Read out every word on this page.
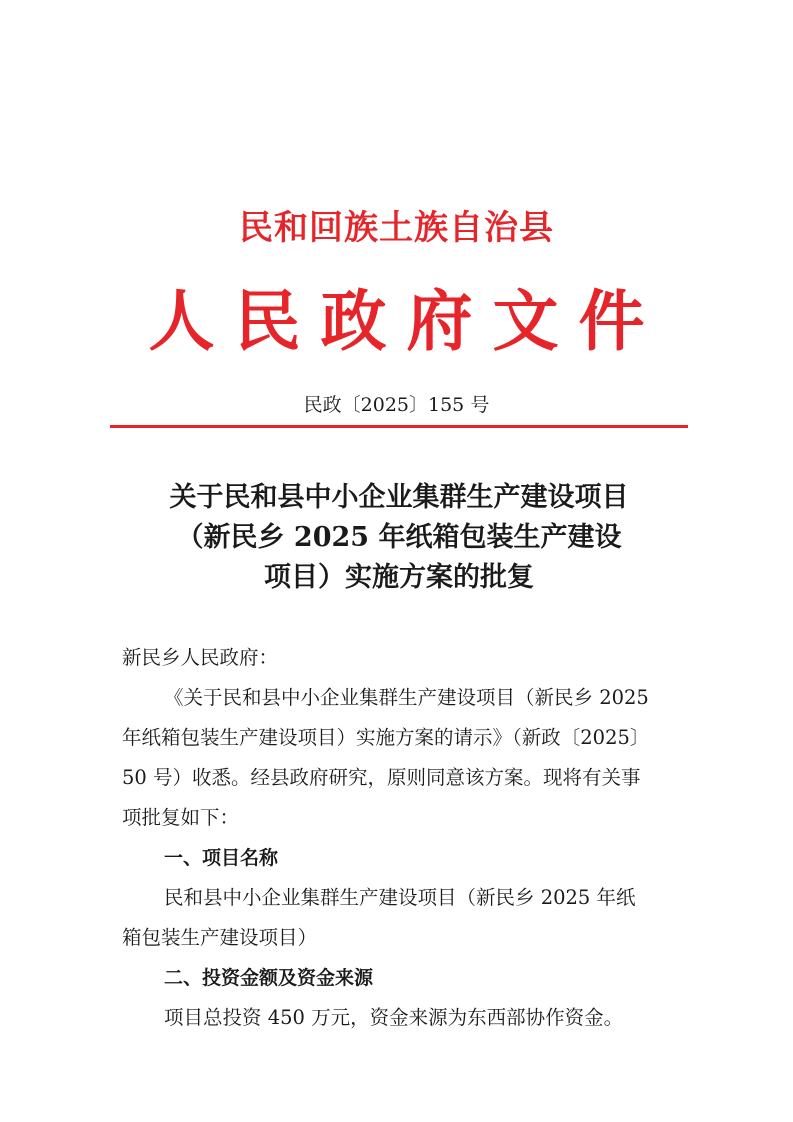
民和回族土族自治县
人民政府文件
民政〔2025〕155 号
关于民和县中小企业集群生产建设项目
（新民乡 2025 年纸箱包装生产建设
项目）实施方案的批复
新民乡人民政府：
《关于民和县中小企业集群生产建设项目（新民乡 2025
年纸箱包装生产建设项目）实施方案的请示》（新政〔2025〕
50 号）收悉。经县政府研究，原则同意该方案。现将有关事
项批复如下：
一、项目名称
民和县中小企业集群生产建设项目（新民乡 2025 年纸
箱包装生产建设项目）
二、投资金额及资金来源
项目总投资 450 万元，资金来源为东西部协作资金。
